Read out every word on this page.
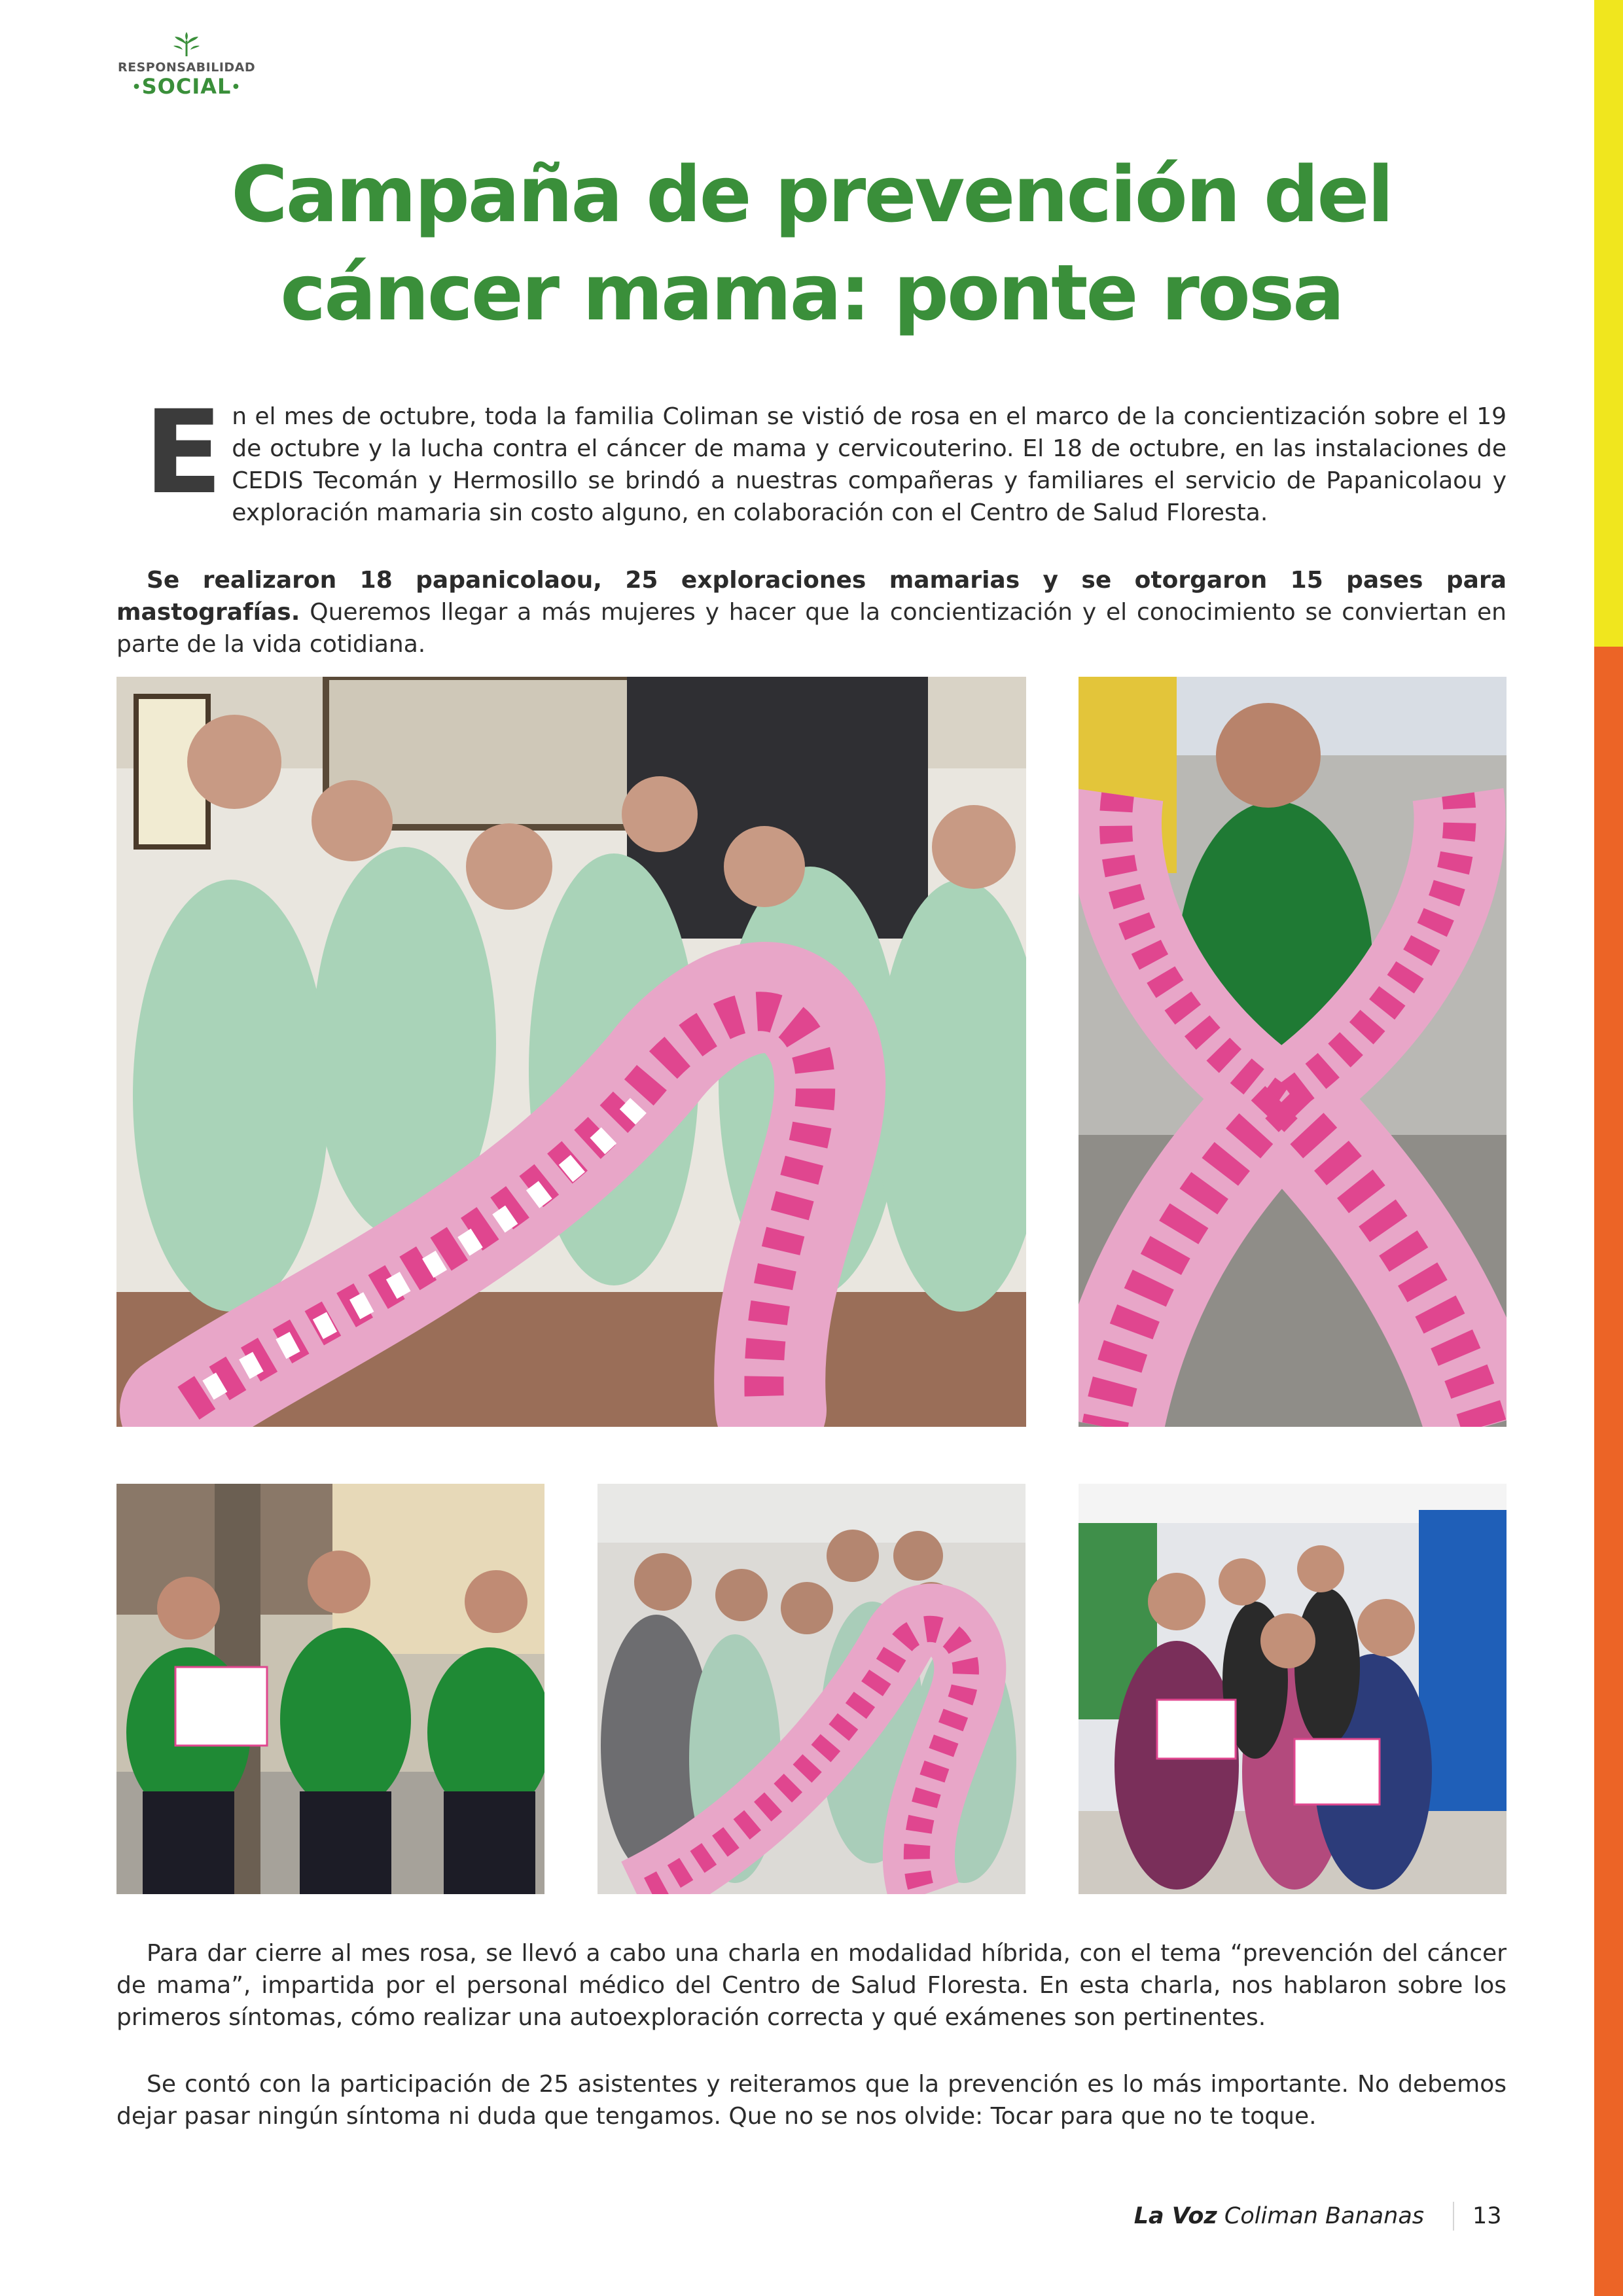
RESPONSABILIDAD
•SOCIAL•
Campaña de prevención del
cáncer mama: ponte rosa

En el mes de octubre, toda la familia Coliman se vistió de rosa en el marco de la concientización sobre el 19 de octubre y la lucha contra el cáncer de mama y cervicouterino. El 18 de octubre, en las instalaciones de CEDIS Tecomán y Hermosillo se brindó a nuestras compañeras y familiares el servicio de Papanicolaou y exploración mamaria sin costo alguno, en colaboración con el Centro de Salud Floresta.

Se realizaron 18 papanicolaou, 25 exploraciones mamarias y se otorgaron 15 pases para mastografías. Queremos llegar a más mujeres y hacer que la concientización y el conocimiento se conviertan en parte de la vida cotidiana.

Para dar cierre al mes rosa, se llevó a cabo una charla en modalidad híbrida, con el tema “prevención del cáncer de mama”, impartida por el personal médico del Centro de Salud Floresta. En esta charla, nos hablaron sobre los primeros síntomas, cómo realizar una autoexploración correcta y qué exámenes son pertinentes.

Se contó con la participación de 25 asistentes y reiteramos que la prevención es lo más importante. No debemos dejar pasar ningún síntoma ni duda que tengamos. Que no se nos olvide: Tocar para que no te toque.

La Voz Coliman Bananas 13
